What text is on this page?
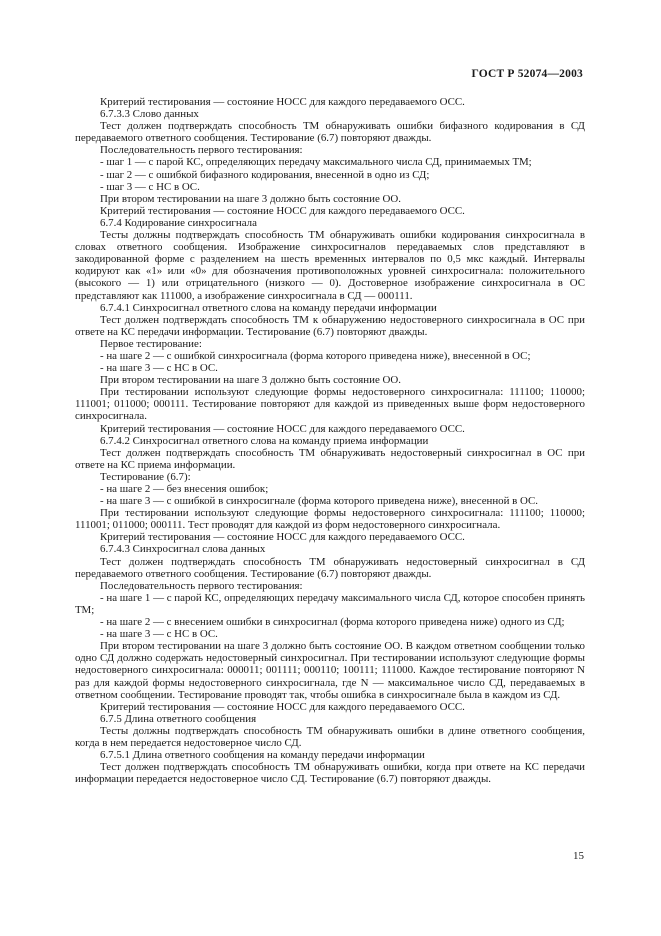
ГОСТ Р 52074—2003

Критерий тестирования — состояние НОСС для каждого передаваемого ОСС.

6.7.3.3 Слово данных

Тест должен подтверждать способность ТМ обнаруживать ошибки бифазного кодирования в СД передаваемого ответного сообщения. Тестирование (6.7) повторяют дважды.

Последовательность первого тестирования:

- шаг 1 — с парой КС, определяющих передачу максимального числа СД, принимаемых ТМ;

- шаг 2 — с ошибкой бифазного кодирования, внесенной в одно из СД;

- шаг 3 — с НС в ОС.

При втором тестировании на шаге 3 должно быть состояние ОО.

Критерий тестирования — состояние НОСС для каждого передаваемого ОСС.

6.7.4 Кодирование синхросигнала

Тесты должны подтверждать способность ТМ обнаруживать ошибки кодирования синхросигнала в словах ответного сообщения. Изображение синхросигналов передаваемых слов представляют в закодированной форме с разделением на шесть временных интервалов по 0,5 мкс каждый. Интервалы кодируют как «1» или «0» для обозначения противоположных уровней синхросигнала: положительного (высокого — 1) или отрицательного (низкого — 0). Достоверное изображение синхросигнала в ОС представляют как 111000, а изображение синхросигнала в СД — 000111.

6.7.4.1 Синхросигнал ответного слова на команду передачи информации

Тест должен подтверждать способность ТМ к обнаружению недостоверного синхросигнала в ОС при ответе на КС передачи информации. Тестирование (6.7) повторяют дважды.

Первое тестирование:

- на шаге 2 — с ошибкой синхросигнала (форма которого приведена ниже), внесенной в ОС;

- на шаге 3 — с НС в ОС.

При втором тестировании на шаге 3 должно быть состояние ОО.

При тестировании используют следующие формы недостоверного синхросигнала: 111100; 110000; 111001; 011000; 000111. Тестирование повторяют для каждой из приведенных выше форм недостоверного синхросигнала.

Критерий тестирования — состояние НОСС для каждого передаваемого ОСС.

6.7.4.2 Синхросигнал ответного слова на команду приема информации

Тест должен подтверждать способность ТМ обнаруживать недостоверный синхросигнал в ОС при ответе на КС приема информации.

Тестирование (6.7):

- на шаге 2 — без внесения ошибок;

- на шаге 3 — с ошибкой в синхросигнале (форма которого приведена ниже), внесенной в ОС.

При тестировании используют следующие формы недостоверного синхросигнала: 111100; 110000; 111001; 011000; 000111. Тест проводят для каждой из форм недостоверного синхросигнала.

Критерий тестирования — состояние НОСС для каждого передаваемого ОСС.

6.7.4.3 Синхросигнал слова данных

Тест должен подтверждать способность ТМ обнаруживать недостоверный синхросигнал в СД передаваемого ответного сообщения. Тестирование (6.7) повторяют дважды.

Последовательность первого тестирования:

- на шаге 1 — с парой КС, определяющих передачу максимального числа СД, которое способен принять ТМ;

- на шаге 2 — с внесением ошибки в синхросигнал (форма которого приведена ниже) одного из СД;

- на шаге 3 — с НС в ОС.

При втором тестировании на шаге 3 должно быть состояние ОО. В каждом ответном сообщении только одно СД должно содержать недостоверный синхросигнал. При тестировании используют следующие формы недостоверного синхросигнала: 000011; 001111; 000110; 100111; 111000. Каждое тестирование повторяют N раз для каждой формы недостоверного синхросигнала, где N — максимальное число СД, передаваемых в ответном сообщении. Тестирование проводят так, чтобы ошибка в синхросигнале была в каждом из СД.

Критерий тестирования — состояние НОСС для каждого передаваемого ОСС.

6.7.5 Длина ответного сообщения

Тесты должны подтверждать способность ТМ обнаруживать ошибки в длине ответного сообщения, когда в нем передается недостоверное число СД.

6.7.5.1 Длина ответного сообщения на команду передачи информации

Тест должен подтверждать способность ТМ обнаруживать ошибки, когда при ответе на КС передачи информации передается недостоверное число СД. Тестирование (6.7) повторяют дважды.

15
